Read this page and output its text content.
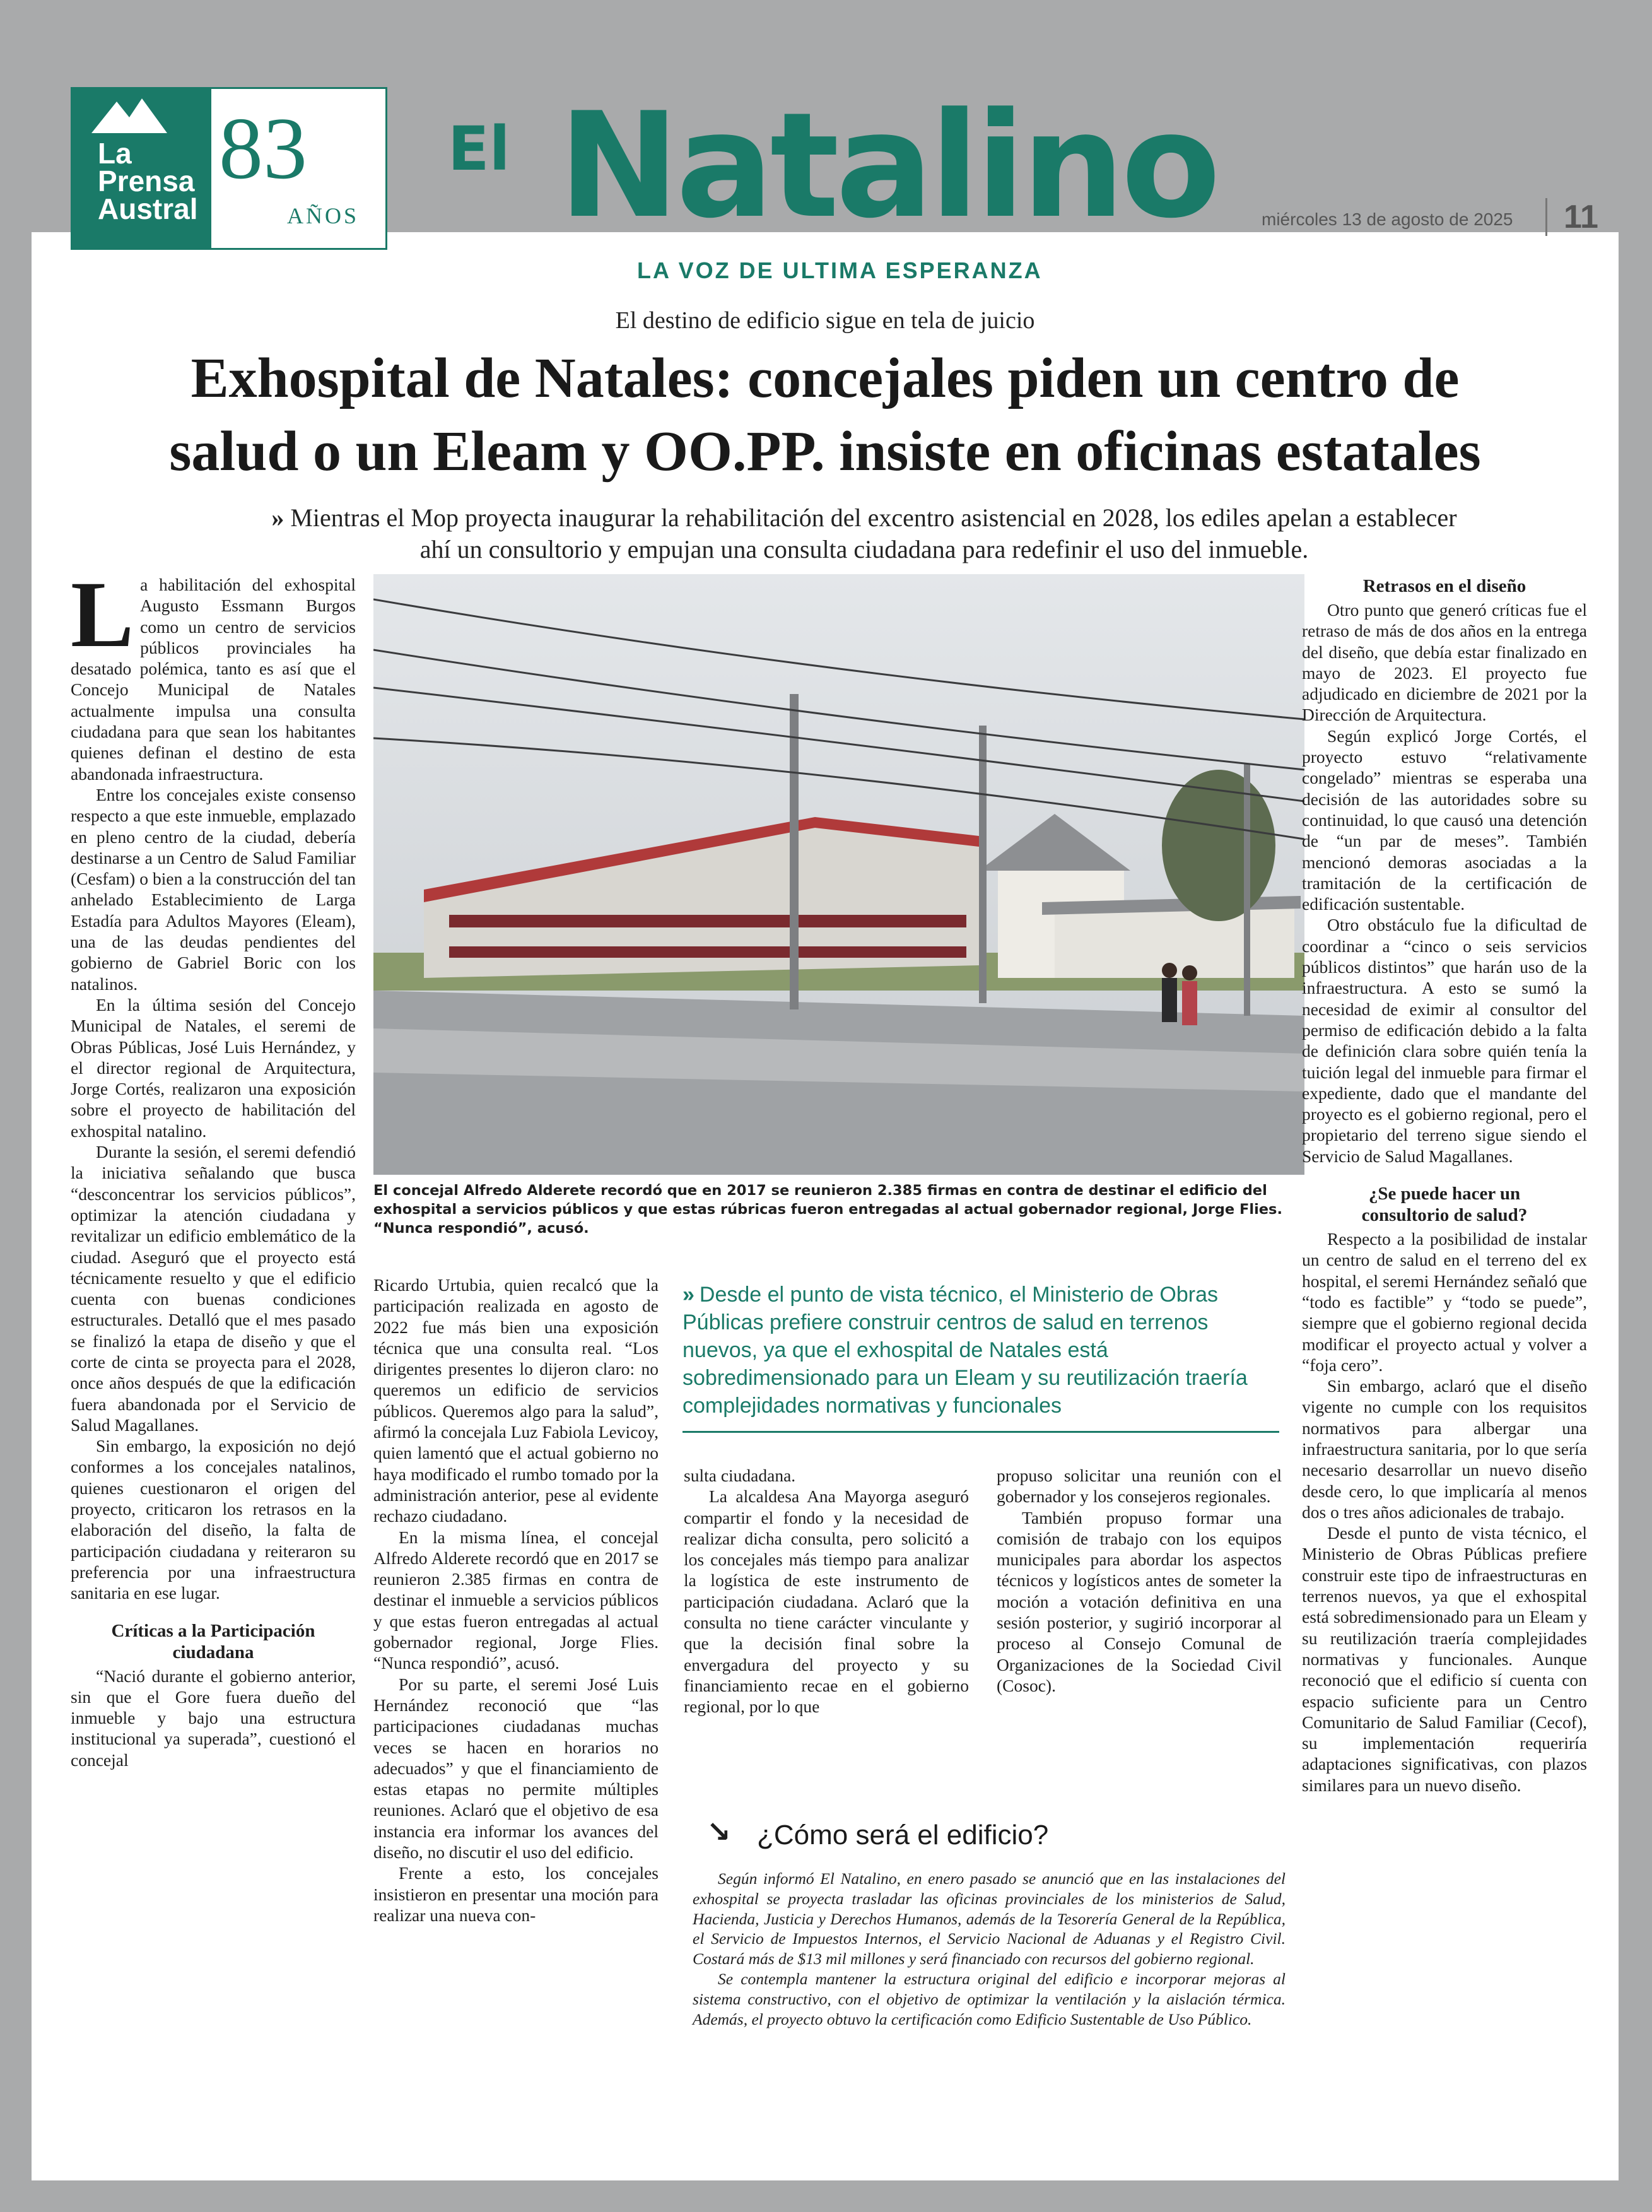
La
Prensa
Austral
83
AÑOS
El Natalino	miércoles 13 de agosto de 2025	11
LA VOZ DE ULTIMA ESPERANZA
El destino de edificio sigue en tela de juicio
Exhospital de Natales: concejales piden un centro de
salud o un Eleam y OO.PP. insiste en oficinas estatales
» Mientras el Mop proyecta inaugurar la rehabilitación del excentro asistencial en 2028, los ediles apelan a establecer ahí un consultorio y empujan una consulta ciudadana para redefinir el uso del inmueble.

La habilitación del exhospital Augusto Essmann Burgos como un centro de servicios públicos provinciales ha desatado polémica, tanto es así que el Concejo Municipal de Natales actualmente impulsa una consulta ciudadana para que sean los habitantes quienes definan el destino de esta abandonada infraestructura.

Entre los concejales existe consenso respecto a que este inmueble, emplazado en pleno centro de la ciudad, debería destinarse a un Centro de Salud Familiar (Cesfam) o bien a la construcción del tan anhelado Establecimiento de Larga Estadía para Adultos Mayores (Eleam), una de las deudas pendientes del gobierno de Gabriel Boric con los natalinos.

En la última sesión del Concejo Municipal de Natales, el seremi de Obras Públicas, José Luis Hernández, y el director regional de Arquitectura, Jorge Cortés, realizaron una exposición sobre el proyecto de habilitación del exhospital natalino.

Durante la sesión, el seremi defendió la iniciativa señalando que busca “desconcentrar los servicios públicos”, optimizar la atención ciudadana y revitalizar un edificio emblemático de la ciudad. Aseguró que el proyecto está técnicamente resuelto y que el edificio cuenta con buenas condiciones estructurales. Detalló que el mes pasado se finalizó la etapa de diseño y que el corte de cinta se proyecta para el 2028, once años después de que la edificación fuera abandonada por el Servicio de Salud Magallanes.

Sin embargo, la exposición no dejó conformes a los concejales natalinos, quienes cuestionaron el origen del proyecto, criticaron los retrasos en la elaboración del diseño, la falta de participación ciudadana y reiteraron su preferencia por una infraestructura sanitaria en ese lugar.

Críticas a la Participación ciudadana

“Nació durante el gobierno anterior, sin que el Gore fuera dueño del inmueble y bajo una estructura institucional ya superada”, cuestionó el concejal

El concejal Alfredo Alderete recordó que en 2017 se reunieron 2.385 firmas en contra de destinar el edificio del exhospital a servicios públicos y que estas rúbricas fueron entregadas al actual gobernador regional, Jorge Flies. “Nunca respondió”, acusó.

Ricardo Urtubia, quien recalcó que la participación realizada en agosto de 2022 fue más bien una exposición técnica que una consulta real. “Los dirigentes presentes lo dijeron claro: no queremos un edificio de servicios públicos. Queremos algo para la salud”, afirmó la concejala Luz Fabiola Levicoy, quien lamentó que el actual gobierno no haya modificado el rumbo tomado por la administración anterior, pese al evidente rechazo ciudadano.

En la misma línea, el concejal Alfredo Alderete recordó que en 2017 se reunieron 2.385 firmas en contra de destinar el inmueble a servicios públicos y que estas fueron entregadas al actual gobernador regional, Jorge Flies. “Nunca respondió”, acusó.

Por su parte, el seremi José Luis Hernández reconoció que “las participaciones ciudadanas muchas veces se hacen en horarios no adecuados” y que el financiamiento de estas etapas no permite múltiples reuniones. Aclaró que el objetivo de esa instancia era informar los avances del diseño, no discutir el uso del edificio.

Frente a esto, los concejales insistieron en presentar una moción para realizar una nueva con-

» Desde el punto de vista técnico, el Ministerio de Obras Públicas prefiere construir centros de salud en terrenos nuevos, ya que el exhospital de Natales está sobredimensionado para un Eleam y su reutilización traería complejidades normativas y funcionales

sulta ciudadana.

La alcaldesa Ana Mayorga aseguró compartir el fondo y la necesidad de realizar dicha consulta, pero solicitó a los concejales más tiempo para analizar la logística de este instrumento de participación ciudadana. Aclaró que la consulta no tiene carácter vinculante y que la decisión final sobre la envergadura del proyecto y su financiamiento recae en el gobierno regional, por lo que

propuso solicitar una reunión con el gobernador y los consejeros regionales.

También propuso formar una comisión de trabajo con los equipos municipales para abordar los aspectos técnicos y logísticos antes de someter la moción a votación definitiva en una sesión posterior, y sugirió incorporar al proceso al Consejo Comunal de Organizaciones de la Sociedad Civil (Cosoc).

↘ ¿Cómo será el edificio?

Según informó El Natalino, en enero pasado se anunció que en las instalaciones del exhospital se proyecta trasladar las oficinas provinciales de los ministerios de Salud, Hacienda, Justicia y Derechos Humanos, además de la Tesorería General de la República, el Servicio de Impuestos Internos, el Servicio Nacional de Aduanas y el Registro Civil. Costará más de $13 mil millones y será financiado con recursos del gobierno regional.

Se contempla mantener la estructura original del edificio e incorporar mejoras al sistema constructivo, con el objetivo de optimizar la ventilación y la aislación térmica. Además, el proyecto obtuvo la certificación como Edificio Sustentable de Uso Público.

Retrasos en el diseño

Otro punto que generó críticas fue el retraso de más de dos años en la entrega del diseño, que debía estar finalizado en mayo de 2023. El proyecto fue adjudicado en diciembre de 2021 por la Dirección de Arquitectura.

Según explicó Jorge Cortés, el proyecto estuvo “relativamente congelado” mientras se esperaba una decisión de las autoridades sobre su continuidad, lo que causó una detención de “un par de meses”. También mencionó demoras asociadas a la tramitación de la certificación de edificación sustentable.

Otro obstáculo fue la dificultad de coordinar a “cinco o seis servicios públicos distintos” que harán uso de la infraestructura. A esto se sumó la necesidad de eximir al consultor del permiso de edificación debido a la falta de definición clara sobre quién tenía la tuición legal del inmueble para firmar el expediente, dado que el mandante del proyecto es el gobierno regional, pero el propietario del terreno sigue siendo el Servicio de Salud Magallanes.

¿Se puede hacer un consultorio de salud?

Respecto a la posibilidad de instalar un centro de salud en el terreno del ex hospital, el seremi Hernández señaló que “todo es factible” y “todo se puede”, siempre que el gobierno regional decida modificar el proyecto actual y volver a “foja cero”.

Sin embargo, aclaró que el diseño vigente no cumple con los requisitos normativos para albergar una infraestructura sanitaria, por lo que sería necesario desarrollar un nuevo diseño desde cero, lo que implicaría al menos dos o tres años adicionales de trabajo.

Desde el punto de vista técnico, el Ministerio de Obras Públicas prefiere construir este tipo de infraestructuras en terrenos nuevos, ya que el exhospital está sobredimensionado para un Eleam y su reutilización traería complejidades normativas y funcionales. Aunque reconoció que el edificio sí cuenta con espacio suficiente para un Centro Comunitario de Salud Familiar (Cecof), su implementación requeriría adaptaciones significativas, con plazos similares para un nuevo diseño.
